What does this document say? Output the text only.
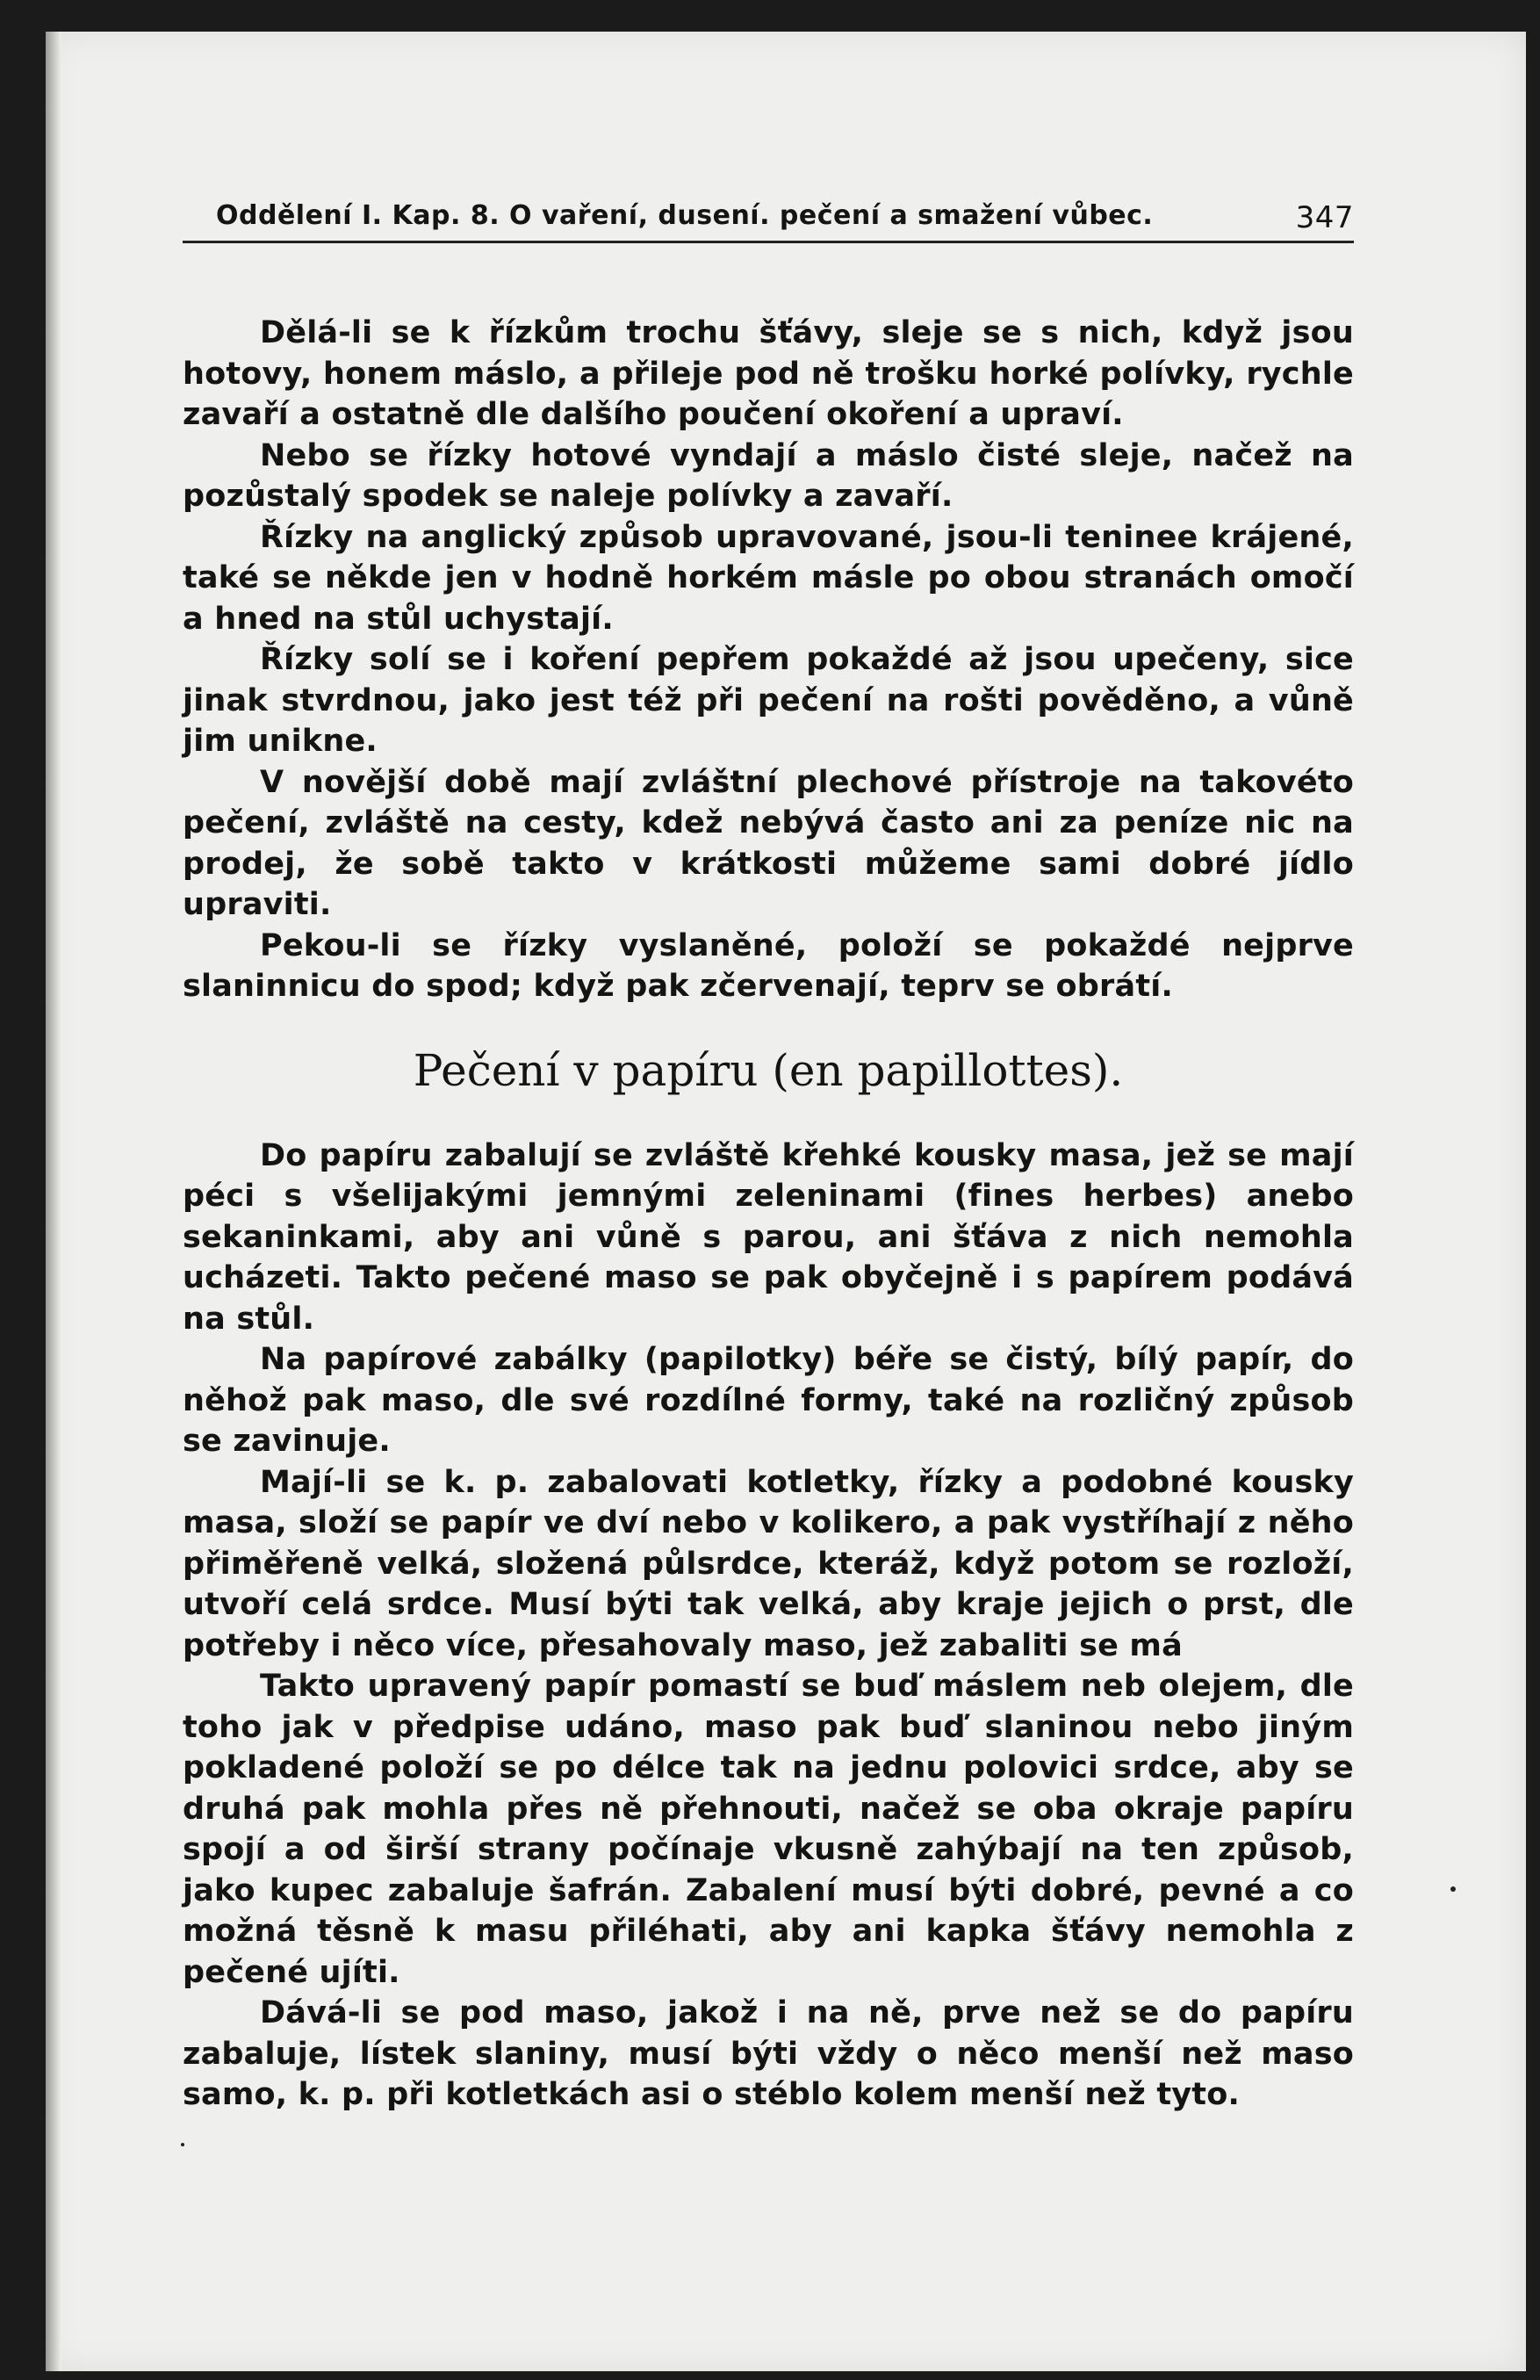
Oddělení I. Kap. 8. O vaření, dusení. pečení a smažení vůbec.	347

Dělá-li se k řízkům trochu šťávy, sleje se s nich, když jsou hotovy, honem máslo, a přileje pod ně trošku horké polívky, rychle zavaří a ostatně dle dalšího poučení okoření a upraví.

Nebo se řízky hotové vyndají a máslo čisté sleje, načež na pozůstalý spodek se naleje polívky a zavaří.

Řízky na anglický způsob upravované, jsou-li teninee krájené, také se někde jen v hodně horkém másle po obou stranách omočí a hned na stůl uchystají.

Řízky solí se i koření pepřem pokaždé až jsou upečeny, sice jinak stvrdnou, jako jest též při pečení na rošti pověděno, a vůně jim unikne.

V novější době mají zvláštní plechové přístroje na takovéto pečení, zvláště na cesty, kdež nebývá často ani za peníze nic na prodej, že sobě takto v krátkosti můžeme sami dobré jídlo upraviti.

Pekou-li se řízky vyslaněné, položí se pokaždé nejprve slaninnicu do spod; když pak zčervenají, teprv se obrátí.

Pečení v papíru (en papillottes).

Do papíru zabalují se zvláště křehké kousky masa, jež se mají péci s všelijakými jemnými zeleninami (fines herbes) anebo sekaninkami, aby ani vůně s parou, ani šťáva z nich nemohla ucházeti. Takto pečené maso se pak obyčejně i s papírem podává na stůl.

Na papírové zabálky (papilotky) béře se čistý, bílý papír, do něhož pak maso, dle své rozdílné formy, také na rozličný způsob se zavinuje.

Mají-li se k. p. zabalovati kotletky, řízky a podobné kousky masa, složí se papír ve dví nebo v kolikero, a pak vystříhají z něho přiměřeně velká, složená půlsrdce, kteráž, když potom se rozloží, utvoří celá srdce. Musí býti tak velká, aby kraje jejich o prst, dle potřeby i něco více, přesahovaly maso, jež zabaliti se má

Takto upravený papír pomastí se buď máslem neb olejem, dle toho jak v předpise udáno, maso pak buď slaninou nebo jiným pokladené položí se po délce tak na jednu polovici srdce, aby se druhá pak mohla přes ně přehnouti, načež se oba okraje papíru spojí a od širší strany počínaje vkusně zahýbají na ten způsob, jako kupec zabaluje šafrán. Zabalení musí býti dobré, pevné a co možná těsně k masu přiléhati, aby ani kapka šťávy nemohla z pečené ujíti.

Dává-li se pod maso, jakož i na ně, prve než se do papíru zabaluje, lístek slaniny, musí býti vždy o něco menší než maso samo, k. p. při kotletkách asi o stéblo kolem menší než tyto.
